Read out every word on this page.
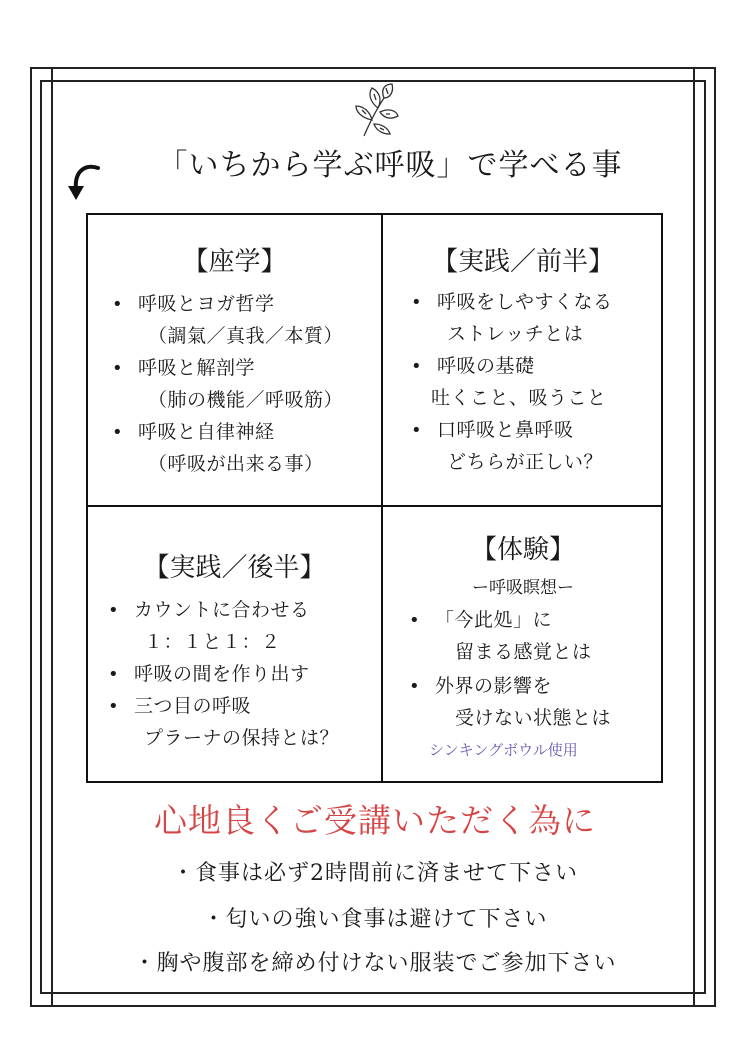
「いちから学ぶ呼吸」で学べる事
【座学】
• 呼吸とヨガ哲学
（調氣／真我／本質）
• 呼吸と解剖学
（肺の機能／呼吸筋）
• 呼吸と自律神経
（呼吸が出来る事）
【実践／前半】
• 呼吸をしやすくなる
ストレッチとは
• 呼吸の基礎
吐くこと、吸うこと
• 口呼吸と鼻呼吸
どちらが正しい？
【実践／後半】
• カウントに合わせる
１：１と１：２
• 呼吸の間を作り出す
• 三つ目の呼吸
プラーナの保持とは？
【体験】
ー呼吸瞑想ー
• 「今此処」に
留まる感覚とは
• 外界の影響を
受けない状態とは
シンキングボウル使用
心地良くご受講いただく為に
・食事は必ず2時間前に済ませて下さい
・匂いの強い食事は避けて下さい
・胸や腹部を締め付けない服装でご参加下さい
